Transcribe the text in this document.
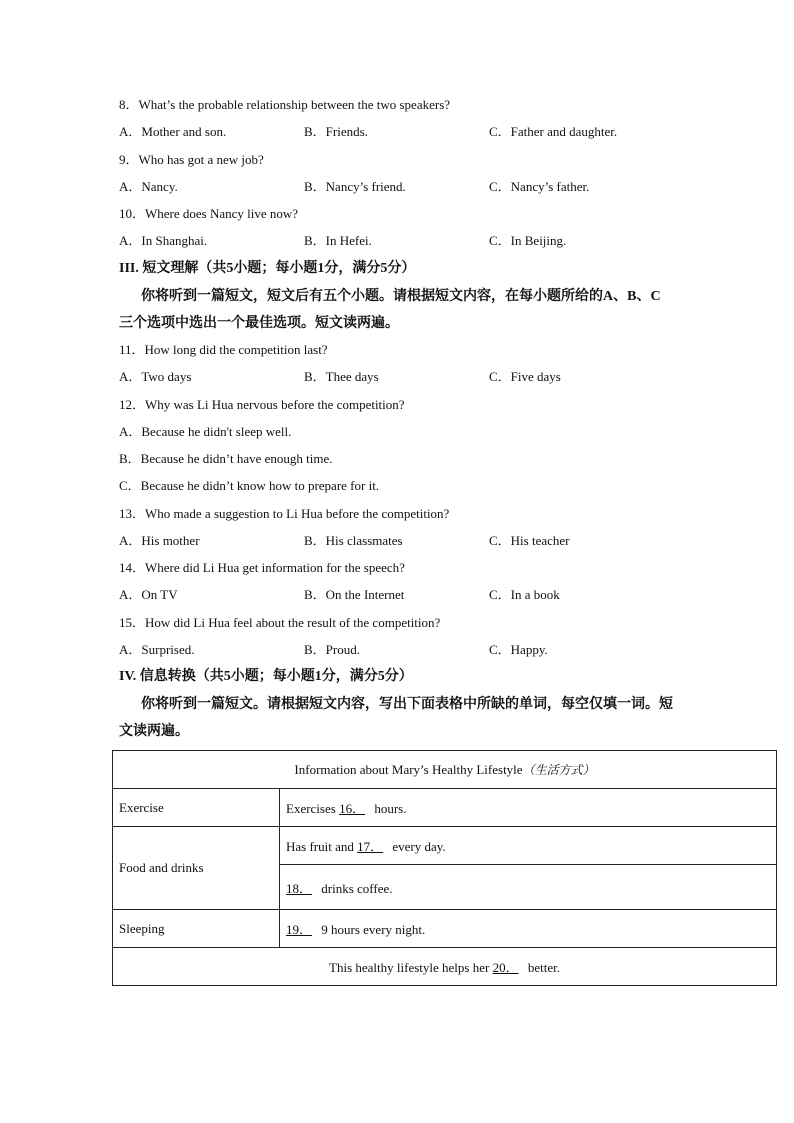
8．What’s the probable relationship between the two speakers?
A．Mother and son.	B．Friends.	C．Father and daughter.
9．Who has got a new job?
A．Nancy.	B．Nancy’s friend.	C．Nancy’s father.
10．Where does Nancy live now?
A．In Shanghai.	B．In Hefei.	C．In Beijing.
III. 短文理解（共5小题；每小题1分，满分5分）
你将听到一篇短文，短文后有五个小题。请根据短文内容，在每小题所给的A、B、C
三个选项中选出一个最佳选项。短文读两遍。
11．How long did the competition last?
A．Two days	B．Thee days	C．Five days
12．Why was Li Hua nervous before the competition?
A．Because he didn't sleep well.
B．Because he didn’t have enough time.
C．Because he didn’t know how to prepare for it.
13．Who made a suggestion to Li Hua before the competition?
A．His mother	B．His classmates	C．His teacher
14．Where did Li Hua get information for the speech?
A．On TV	B．On the Internet	C．In a book
15．How did Li Hua feel about the result of the competition?
A．Surprised.	B．Proud.	C．Happy.
IV. 信息转换（共5小题；每小题1分，满分5分）
你将听到一篇短文。请根据短文内容，写出下面表格中所缺的单词，每空仅填一词。短
文读两遍。
Information about Mary’s Healthy Lifestyle（生活方式）	
Exercise	Exercises 16． hours.
Food and drinks	Has fruit and 17． every day.
	18． drinks coffee.
Sleeping	19． 9 hours every night.
This healthy lifestyle helps her 20． better.	
